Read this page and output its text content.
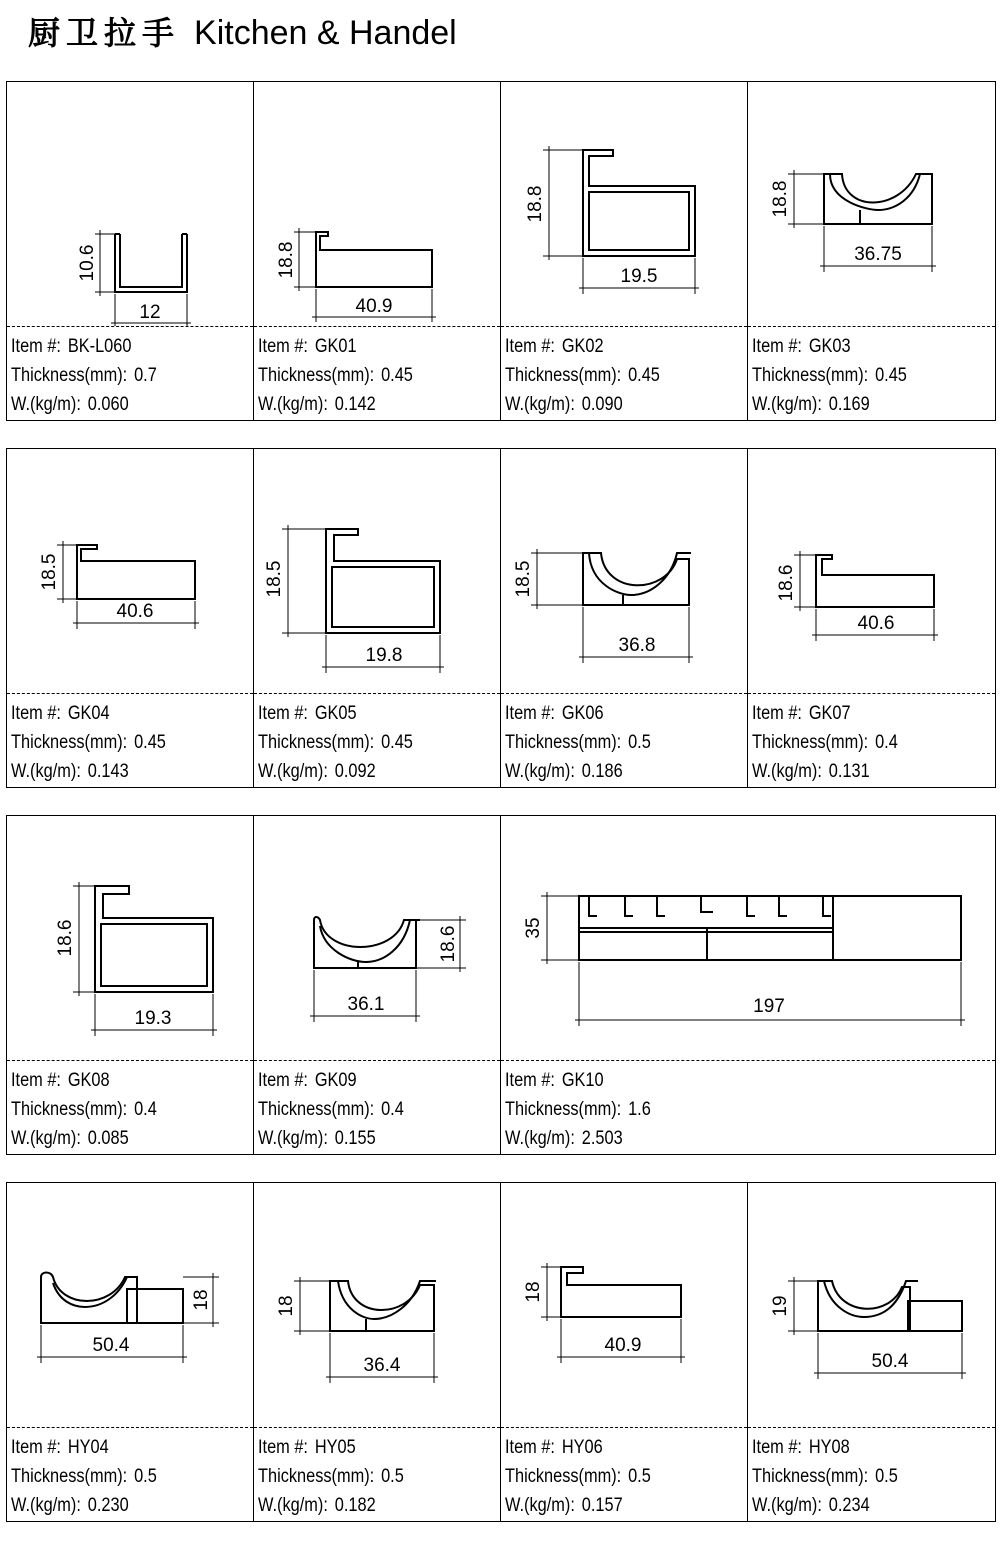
厨卫拉手 Kitchen & Handel
12
10.6
Item #: BK-L060
Thickness(mm): 0.7
W.(kg/m): 0.060
40.9
18.8
Item #: GK01
Thickness(mm): 0.45
W.(kg/m): 0.142
19.5
18.8
Item #: GK02
Thickness(mm): 0.45
W.(kg/m): 0.090
36.75
18.8
Item #: GK03
Thickness(mm): 0.45
W.(kg/m): 0.169
40.6
18.5
Item #: GK04
Thickness(mm): 0.45
W.(kg/m): 0.143
19.8
18.5
Item #: GK05
Thickness(mm): 0.45
W.(kg/m): 0.092
36.8
18.5
Item #: GK06
Thickness(mm): 0.5
W.(kg/m): 0.186
40.6
18.6
Item #: GK07
Thickness(mm): 0.4
W.(kg/m): 0.131
19.3
18.6
Item #: GK08
Thickness(mm): 0.4
W.(kg/m): 0.085
36.1
18.6
Item #: GK09
Thickness(mm): 0.4
W.(kg/m): 0.155
197
35
Item #: GK10
Thickness(mm): 1.6
W.(kg/m): 2.503
50.4
18
Item #: HY04
Thickness(mm): 0.5
W.(kg/m): 0.230
36.4
18
Item #: HY05
Thickness(mm): 0.5
W.(kg/m): 0.182
40.9
18
Item #: HY06
Thickness(mm): 0.5
W.(kg/m): 0.157
50.4
19
Item #: HY08
Thickness(mm): 0.5
W.(kg/m): 0.234
